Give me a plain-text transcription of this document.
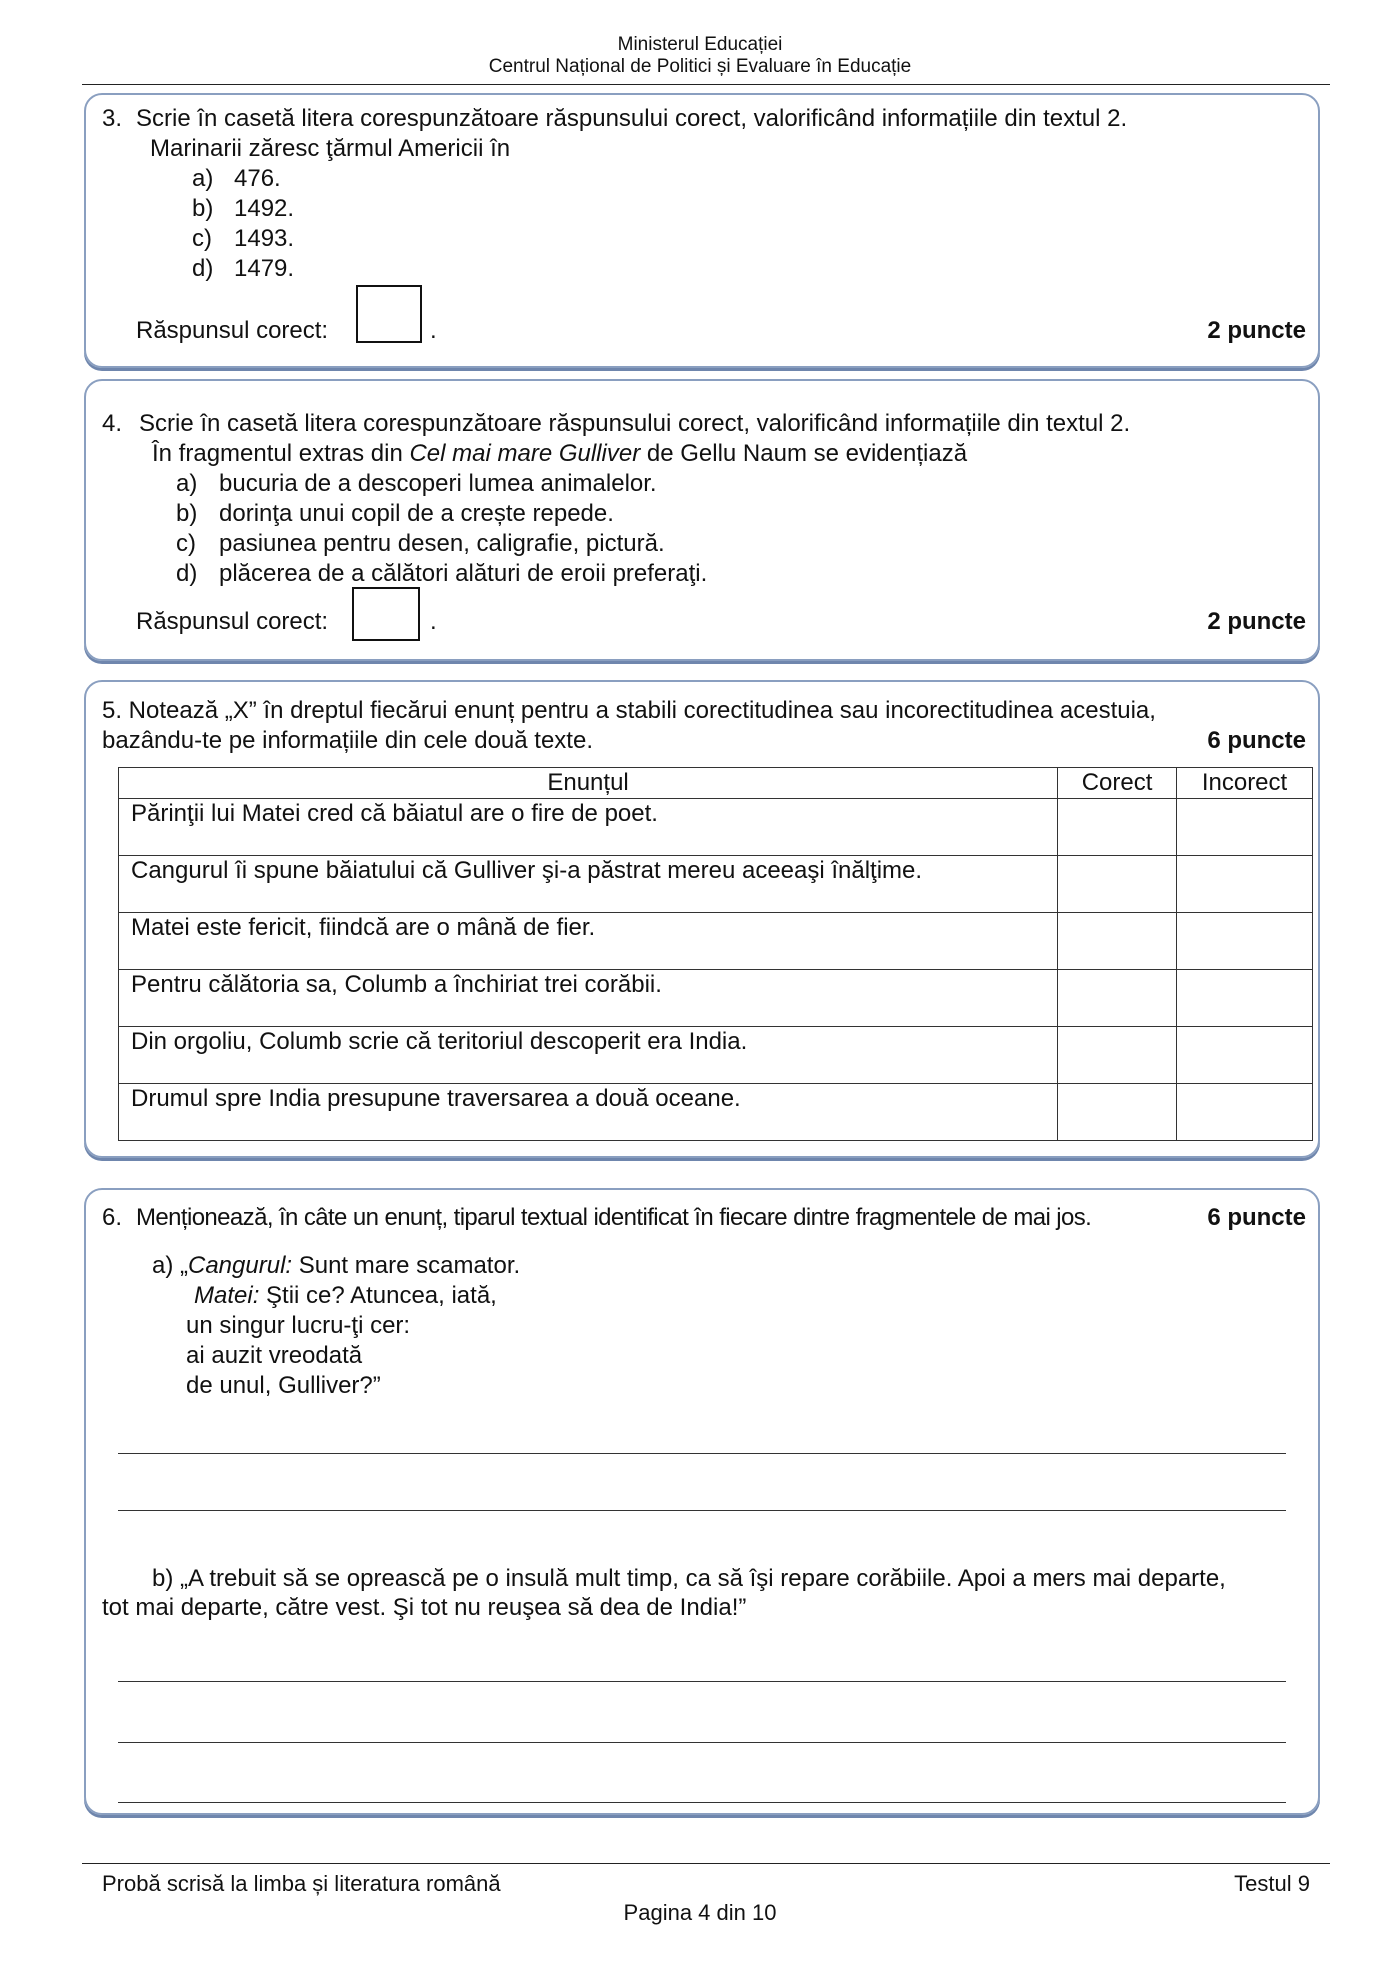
Ministerul Educației
Centrul Național de Politici și Evaluare în Educație
3. Scrie în casetă litera corespunzătoare răspunsului corect, valorificând informațiile din textul 2.
Marinarii zăresc ţărmul Americii în
a) 476.
b) 1492.
c) 1493.
d) 1479.
Răspunsul corect:	.	2 puncte
4. Scrie în casetă litera corespunzătoare răspunsului corect, valorificând informațiile din textul 2.
În fragmentul extras din Cel mai mare Gulliver de Gellu Naum se evidențiază
a) bucuria de a descoperi lumea animalelor.
b) dorinţa unui copil de a crește repede.
c) pasiunea pentru desen, caligrafie, pictură.
d) plăcerea de a călători alături de eroii preferaţi.
Răspunsul corect:	.	2 puncte
5. Notează „X” în dreptul fiecărui enunț pentru a stabili corectitudinea sau incorectitudinea acestuia,
bazându-te pe informațiile din cele două texte.	6 puncte
Enunțul	Corect	Incorect
Părinţii lui Matei cred că băiatul are o fire de poet.		
Cangurul îi spune băiatului că Gulliver şi-a păstrat mereu aceeaşi înălţime.		
Matei este fericit, fiindcă are o mână de fier.		
Pentru călătoria sa, Columb a închiriat trei corăbii.		
Din orgoliu, Columb scrie că teritoriul descoperit era India.		
Drumul spre India presupune traversarea a două oceane.		
6. Menționează, în câte un enunț, tiparul textual identificat în fiecare dintre fragmentele de mai jos.	6 puncte
a) „Cangurul: Sunt mare scamator.
Matei: Ştii ce? Atuncea, iată,
un singur lucru-ţi cer:
ai auzit vreodată
de unul, Gulliver?”
b) „A trebuit să se oprească pe o insulă mult timp, ca să îşi repare corăbiile. Apoi a mers mai departe,
tot mai departe, către vest. Şi tot nu reuşea să dea de India!”
Probă scrisă la limba și literatura română	Testul 9
Pagina 4 din 10
